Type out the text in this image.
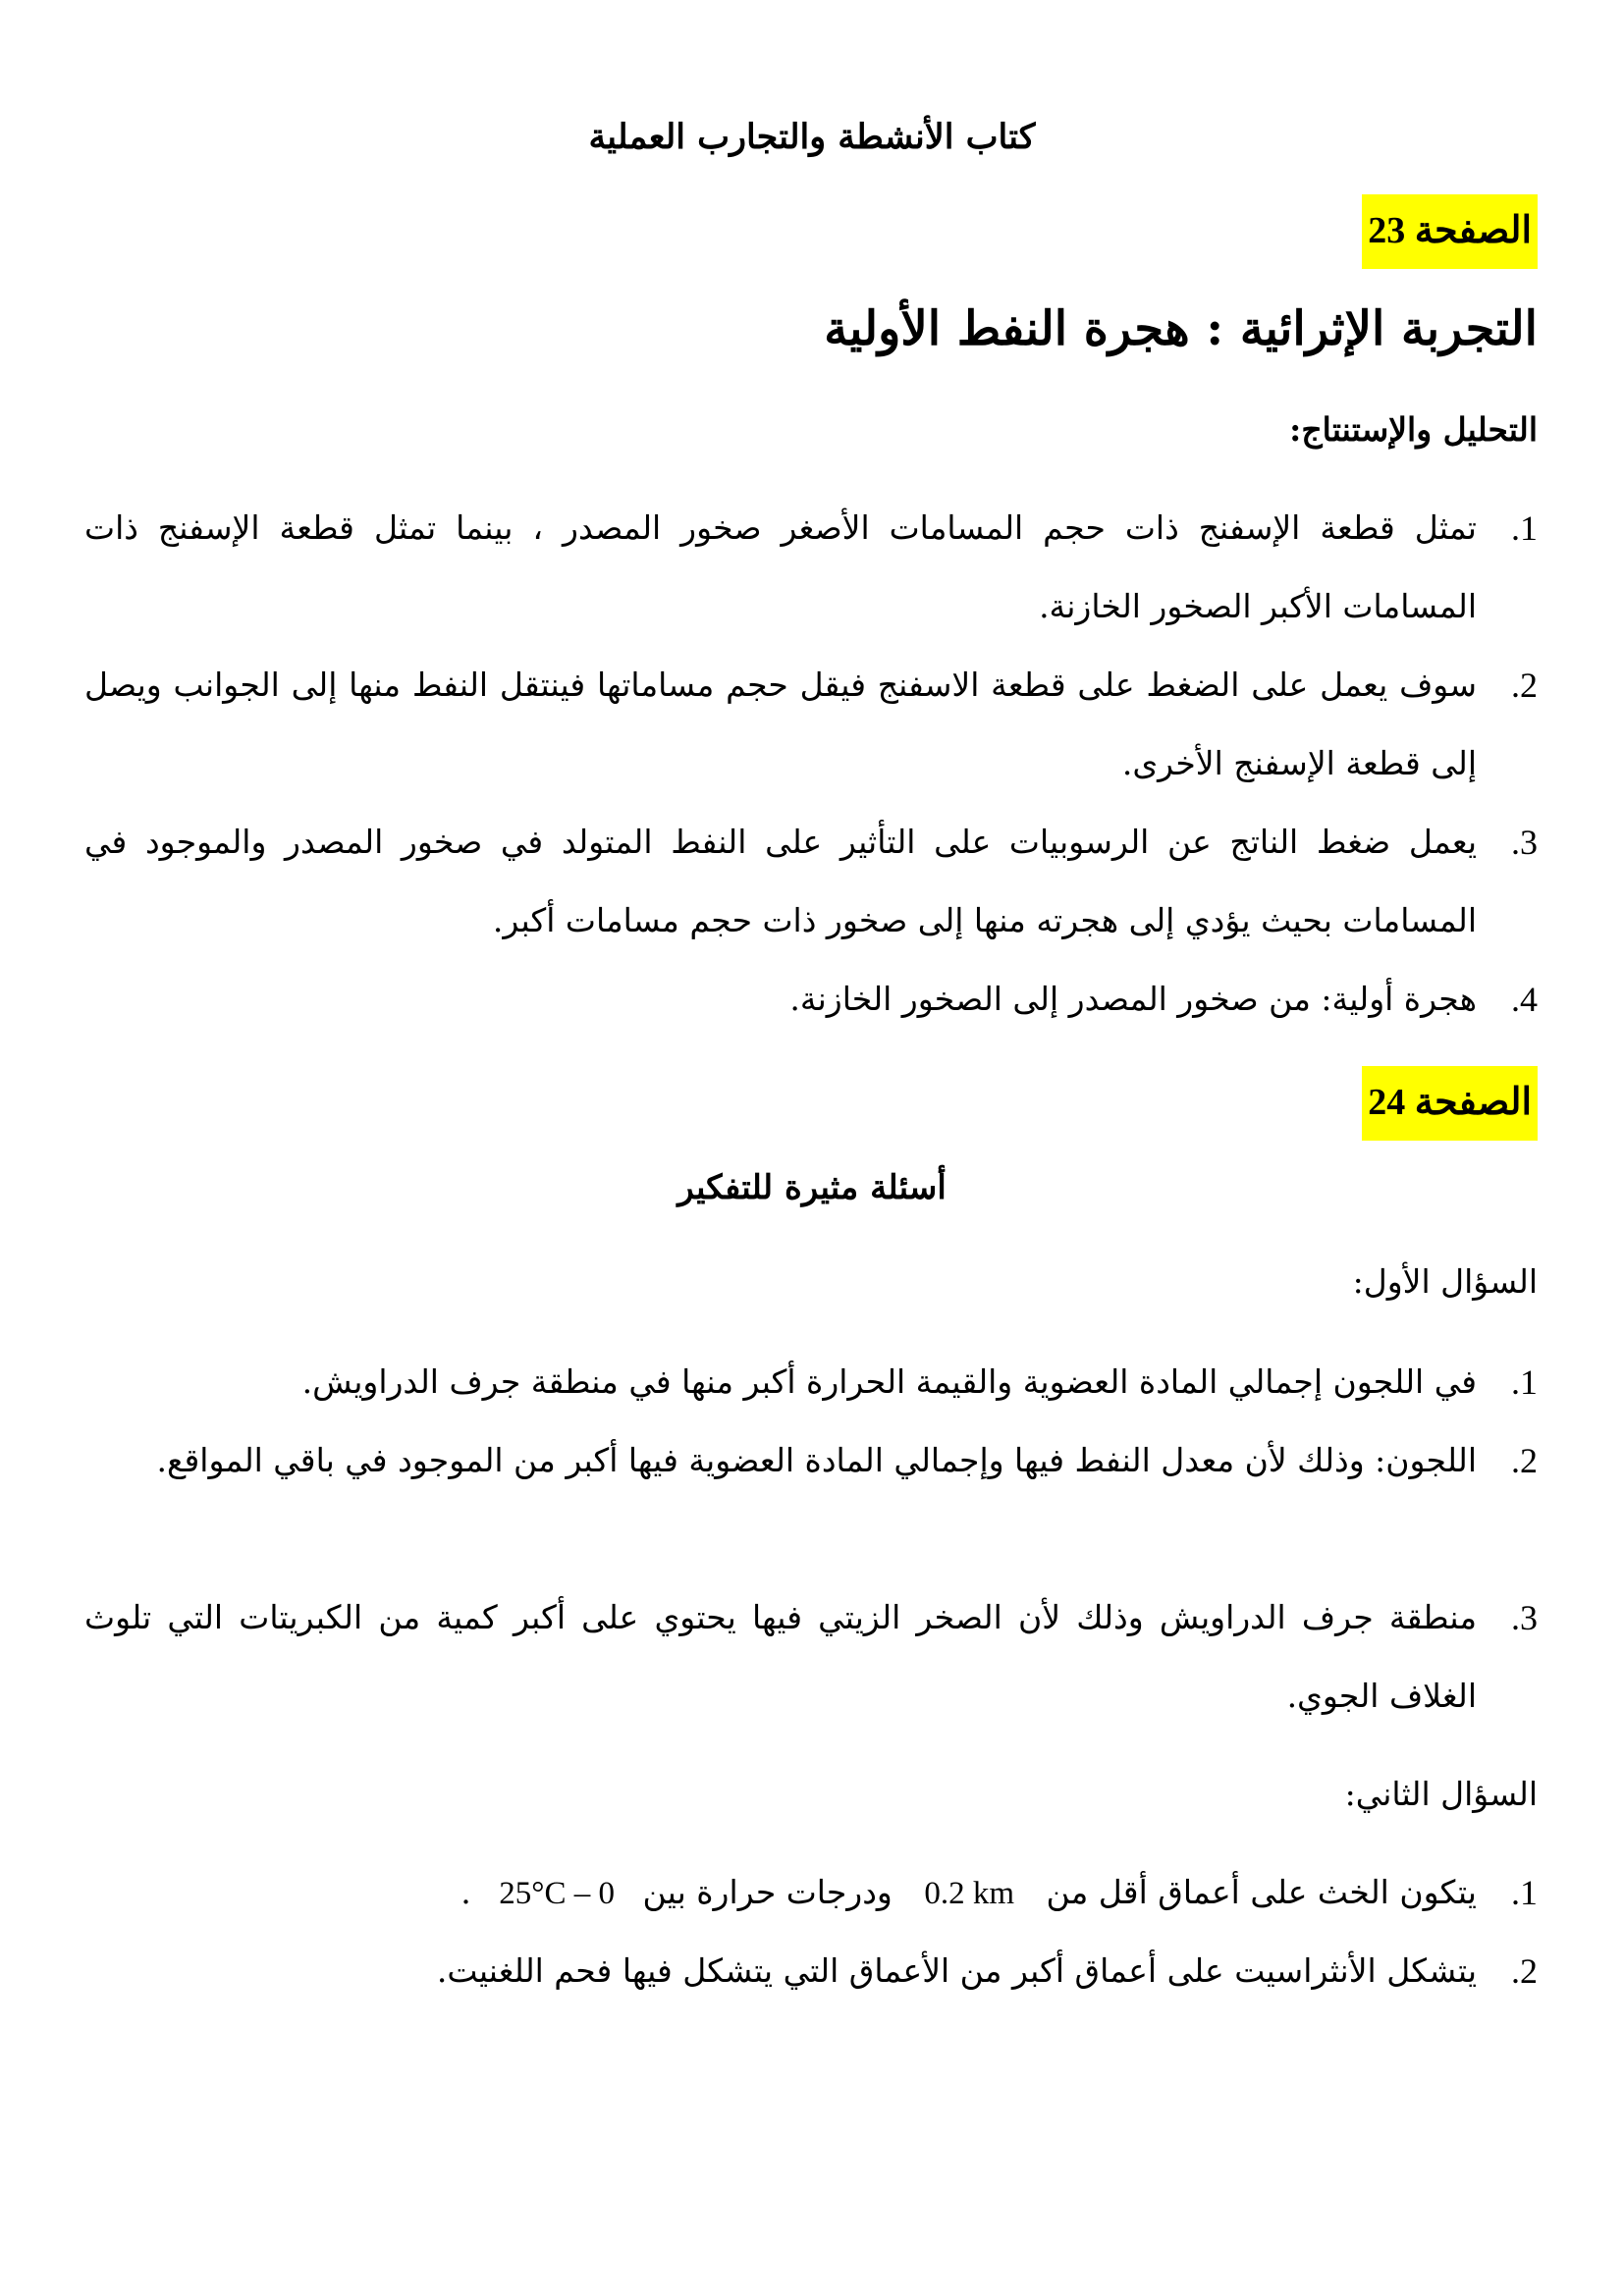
كتاب الأنشطة والتجارب العملية
الصفحة 23
التجربة الإثرائية : هجرة النفط الأولية
التحليل والإستنتاج:
1.
تمثل قطعة الإسفنج ذات حجم المسامات الأصغر صخور المصدر ، بينما تمثل قطعة الإسفنج ذات المسامات الأكبر الصخور الخازنة.
2.
سوف يعمل على الضغط على قطعة الاسفنج فيقل حجم مساماتها فينتقل النفط منها إلى الجوانب ويصل إلى قطعة الإسفنج الأخرى.
3.
يعمل ضغط الناتج عن الرسوبيات على التأثير على النفط المتولد في صخور المصدر والموجود في المسامات بحيث يؤدي إلى هجرته منها إلى صخور ذات حجم مسامات أكبر.
4.
هجرة أولية: من صخور المصدر إلى الصخور الخازنة.
الصفحة 24
أسئلة مثيرة للتفكير
السؤال الأول:
1.
في اللجون إجمالي المادة العضوية والقيمة الحرارة أكبر منها في منطقة جرف الدراويش.
2.
اللجون: وذلك لأن معدل النفط فيها وإجمالي المادة العضوية فيها أكبر من الموجود في باقي المواقع.
3.
منطقة جرف الدراويش وذلك لأن الصخر الزيتي فيها يحتوي على أكبر كمية من الكبريتات التي تلوث الغلاف الجوي.
السؤال الثاني:
1.
يتكون الخث على أعماق أقل من 0.2 km ودرجات حرارة بين 25°C – 0 .
2.
يتشكل الأنثراسيت على أعماق أكبر من الأعماق التي يتشكل فيها فحم اللغنيت.
